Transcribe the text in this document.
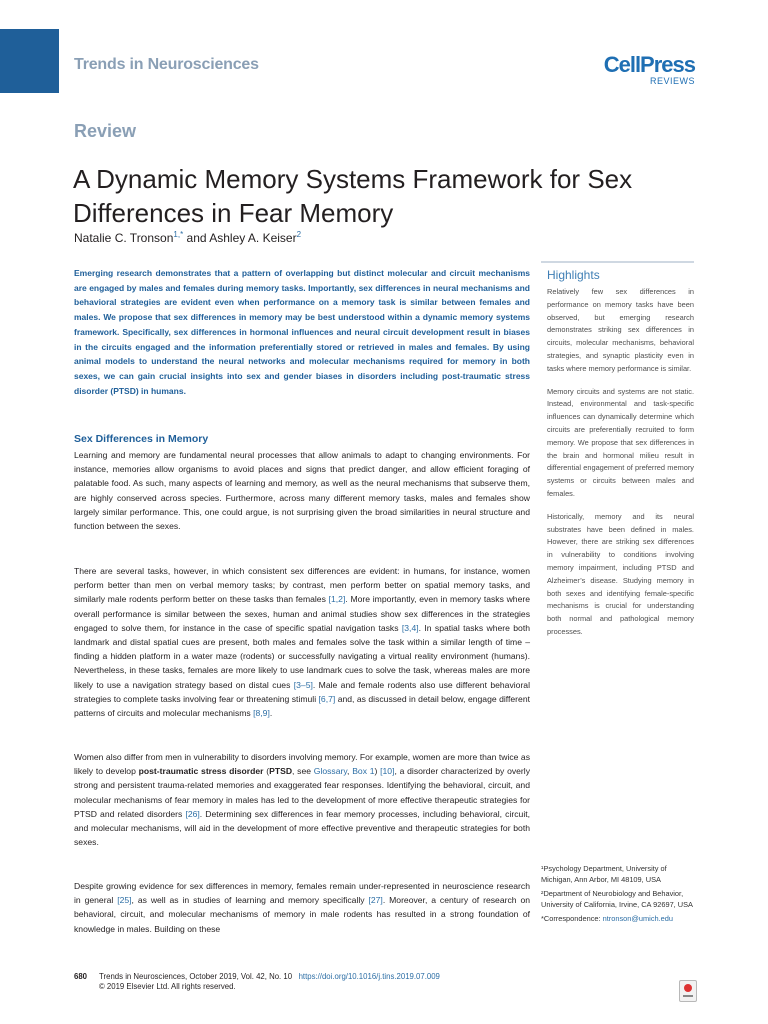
Trends in Neurosciences	CellPress
REVIEWS
Review
A Dynamic Memory Systems Framework for Sex Differences in Fear Memory
Natalie C. Tronson$^{1,*}$ and Ashley A. Keiser$^2$

Emerging research demonstrates that a pattern of overlapping but distinct molecular and circuit mechanisms are engaged by males and females during memory tasks. Importantly, sex differences in neural mechanisms and behavioral strategies are evident even when performance on a memory task is similar between females and males. We propose that sex differences in memory may be best understood within a dynamic memory systems framework. Specifically, sex differences in hormonal influences and neural circuit development result in biases in the circuits engaged and the information preferentially stored or retrieved in males and females. By using animal models to understand the neural networks and molecular mechanisms required for memory in both sexes, we can gain crucial insights into sex and gender biases in disorders including post-traumatic stress disorder (PTSD) in humans.

Sex Differences in Memory

Learning and memory are fundamental neural processes that allow animals to adapt to changing environments. For instance, memories allow organisms to avoid places and signs that predict danger, and allow efficient foraging of palatable food. As such, many aspects of learning and memory, as well as the neural mechanisms that subserve them, are highly conserved across species. Furthermore, across many different memory tasks, males and females show largely similar performance. This, one could argue, is not surprising given the broad similarities in neural structure and function between the sexes.

There are several tasks, however, in which consistent sex differences are evident: in humans, for instance, women perform better than men on verbal memory tasks; by contrast, men perform better on spatial memory tasks, and similarly male rodents perform better on these tasks than females [1,2]. More importantly, even in memory tasks where overall performance is similar between the sexes, human and animal studies show sex differences in the strategies engaged to solve them, for instance in the case of specific spatial navigation tasks [3,4]. In spatial tasks where both landmark and distal spatial cues are present, both males and females solve the task within a similar length of time – finding a hidden platform in a water maze (rodents) or successfully navigating a virtual reality environment (humans). Nevertheless, in these tasks, females are more likely to use landmark cues to solve the task, whereas males are more likely to use a navigation strategy based on distal cues [3–5]. Male and female rodents also use different behavioral strategies to complete tasks involving fear or threatening stimuli [6,7] and, as discussed in detail below, engage different patterns of circuits and molecular mechanisms [8,9].

Women also differ from men in vulnerability to disorders involving memory. For example, women are more than twice as likely to develop post-traumatic stress disorder (PTSD, see Glossary, Box 1) [10], a disorder characterized by overly strong and persistent trauma-related memories and exaggerated fear responses. Identifying the behavioral, circuit, and molecular mechanisms of fear memory in males has led to the development of more effective therapeutic strategies for PTSD and related disorders [26]. Determining sex differences in fear memory processes, including behavioral, circuit, and molecular mechanisms, will aid in the development of more effective preventive and therapeutic strategies for both sexes.

Despite growing evidence for sex differences in memory, females remain under-represented in neuroscience research in general [25], as well as in studies of learning and memory specifically [27]. Moreover, a century of research on behavioral, circuit, and molecular mechanisms of memory in male rodents has resulted in a strong foundation of knowledge in males. Building on these

Highlights

Relatively few sex differences in performance on memory tasks have been observed, but emerging research demonstrates striking sex differences in circuits, molecular mechanisms, behavioral strategies, and synaptic plasticity even in tasks where memory performance is similar.

Memory circuits and systems are not static. Instead, environmental and task-specific influences can dynamically determine which circuits are preferentially recruited to form memory. We propose that sex differences in the brain and hormonal milieu result in differential engagement of preferred memory systems or circuits between males and females.

Historically, memory and its neural substrates have been defined in males. However, there are striking sex differences in vulnerability to conditions involving memory impairment, including PTSD and Alzheimer’s disease. Studying memory in both sexes and identifying female-specific mechanisms is crucial for understanding both normal and pathological memory processes.

¹Psychology Department, University of Michigan, Ann Arbor, MI 48109, USA

²Department of Neurobiology and Behavior, University of California, Irvine, CA 92697, USA

*Correspondence: ntronson@umich.edu

680 Trends in Neurosciences, October 2019, Vol. 42, No. 10 https://doi.org/10.1016/j.tins.2019.07.009
© 2019 Elsevier Ltd. All rights reserved.
